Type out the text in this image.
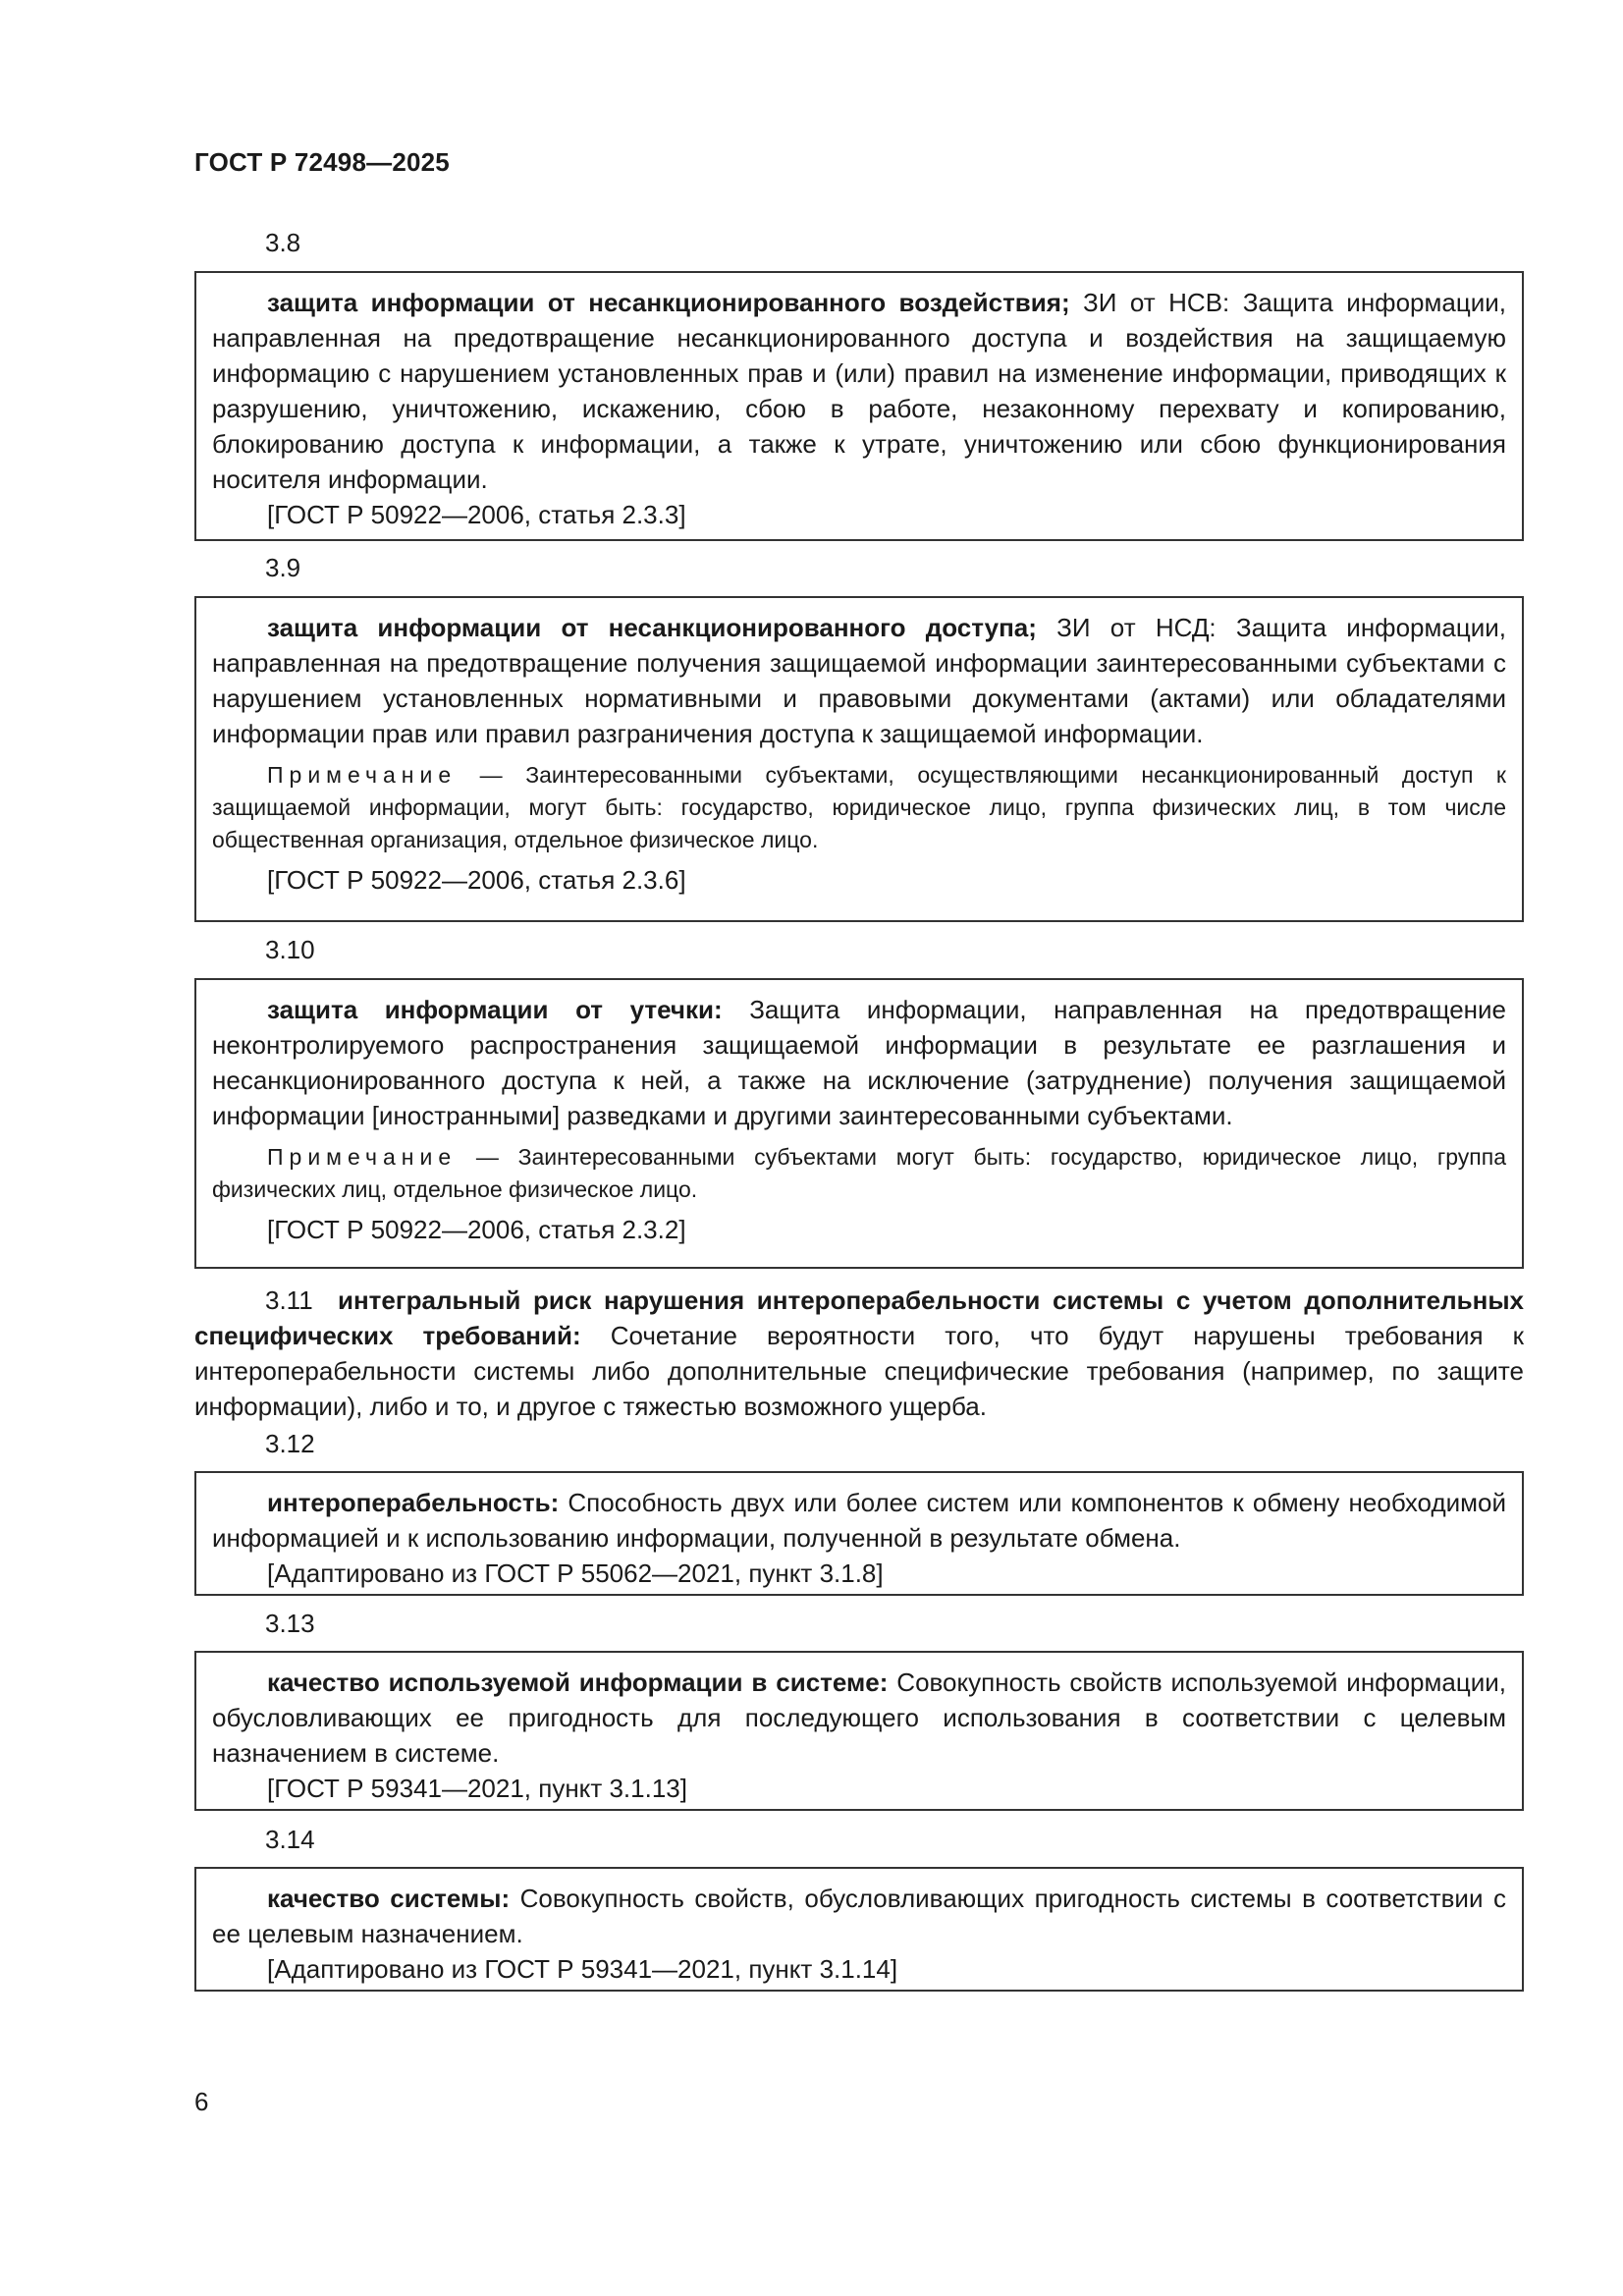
ГОСТ Р 72498—2025
3.8

защита информации от несанкционированного воздействия; ЗИ от НСВ: Защита информации, направленная на предотвращение несанкционированного доступа и воздействия на защищаемую информацию с нарушением установленных прав и (или) правил на изменение информации, приводящих к разрушению, уничтожению, искажению, сбою в работе, незаконному перехвату и копированию, блокированию доступа к информации, а также к утрате, уничтожению или сбою функционирования носителя информации.

[ГОСТ Р 50922—2006, статья 2.3.3]

3.9

защита информации от несанкционированного доступа; ЗИ от НСД: Защита информации, направленная на предотвращение получения защищаемой информации заинтересованными субъектами с нарушением установленных нормативными и правовыми документами (актами) или обладателями информации прав или правил разграничения доступа к защищаемой информации.

Примечание — Заинтересованными субъектами, осуществляющими несанкционированный доступ к защищаемой информации, могут быть: государство, юридическое лицо, группа физических лиц, в том числе общественная организация, отдельное физическое лицо.

[ГОСТ Р 50922—2006, статья 2.3.6]

3.10

защита информации от утечки: Защита информации, направленная на предотвращение неконтролируемого распространения защищаемой информации в результате ее разглашения и несанкционированного доступа к ней, а также на исключение (затруднение) получения защищаемой информации [иностранными] разведками и другими заинтересованными субъектами.

Примечание — Заинтересованными субъектами могут быть: государство, юридическое лицо, группа физических лиц, отдельное физическое лицо.

[ГОСТ Р 50922—2006, статья 2.3.2]

3.11 интегральный риск нарушения интероперабельности системы с учетом дополнительных специфических требований: Сочетание вероятности того, что будут нарушены требования к интероперабельности системы либо дополнительные специфические требования (например, по защите информации), либо и то, и другое с тяжестью возможного ущерба.

3.12

интероперабельность: Способность двух или более систем или компонентов к обмену необходимой информацией и к использованию информации, полученной в результате обмена.

[Адаптировано из ГОСТ Р 55062—2021, пункт 3.1.8]

3.13

качество используемой информации в системе: Совокупность свойств используемой информации, обусловливающих ее пригодность для последующего использования в соответствии с целевым назначением в системе.

[ГОСТ Р 59341—2021, пункт 3.1.13]

3.14

качество системы: Совокупность свойств, обусловливающих пригодность системы в соответствии с ее целевым назначением.

[Адаптировано из ГОСТ Р 59341—2021, пункт 3.1.14]

6
